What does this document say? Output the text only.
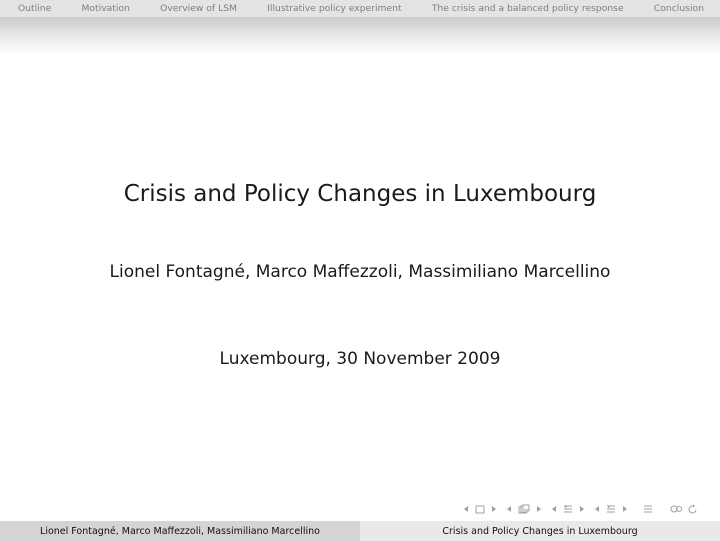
Outline	Motivation	Overview of LSM	Illustrative policy experiment	The crisis and a balanced policy response	Conclusion
Crisis and Policy Changes in Luxembourg
Lionel Fontagné, Marco Maffezzoli, Massimiliano Marcellino
Luxembourg, 30 November 2009
Lionel Fontagné, Marco Maffezzoli, Massimiliano Marcellino	Crisis and Policy Changes in Luxembourg
